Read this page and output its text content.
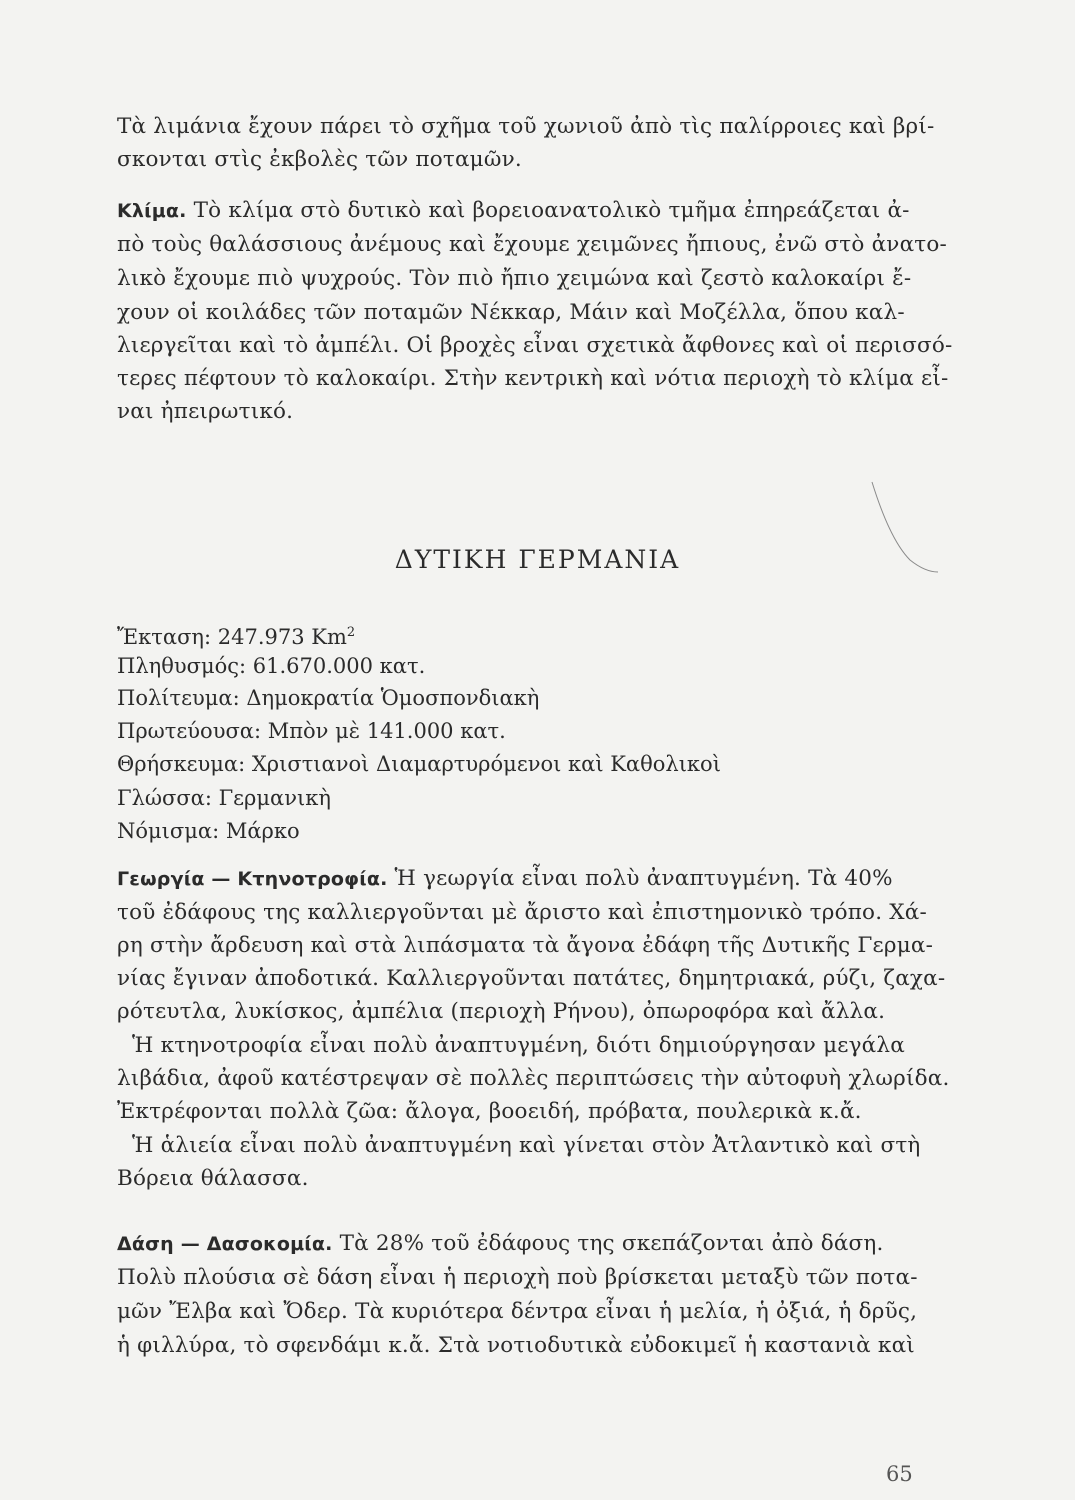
Τὰ λιμάνια ἔχουν πάρει τὸ σχῆμα τοῦ χωνιοῦ ἀπὸ τὶς παλίρροιες καὶ βρί-
σκονται στὶς ἐκβολὲς τῶν ποταμῶν.
Κλίμα. Τὸ κλίμα στὸ δυτικὸ καὶ βορειοανατολικὸ τμῆμα ἐπηρεάζεται ἀ-
πὸ τοὺς θαλάσσιους ἀνέμους καὶ ἔχουμε χειμῶνες ἤπιους, ἐνῶ στὸ ἀνατο-
λικὸ ἔχουμε πιὸ ψυχρούς. Τὸν πιὸ ἤπιο χειμώνα καὶ ζεστὸ καλοκαίρι ἔ-
χουν οἱ κοιλάδες τῶν ποταμῶν Νέκκαρ, Μάιν καὶ Μοζέλλα, ὅπου καλ-
λιεργεῖται καὶ τὸ ἀμπέλι. Οἱ βροχὲς εἶναι σχετικὰ ἄφθονες καὶ οἱ περισσό-
τερες πέφτουν τὸ καλοκαίρι. Στὴν κεντρικὴ καὶ νότια περιοχὴ τὸ κλίμα εἶ-
ναι ἠπειρωτικό.
ΔΥΤΙΚΗ ΓΕΡΜΑΝΙΑ
Ἔκταση: 247.973 Km$^2$
Πληθυσμός: 61.670.000 κατ.
Πολίτευμα: Δημοκρατία Ὁμοσπονδιακὴ
Πρωτεύουσα: Μπὸν μὲ 141.000 κατ.
Θρήσκευμα: Χριστιανοὶ Διαμαρτυρόμενοι καὶ Καθολικοὶ
Γλώσσα: Γερμανικὴ
Νόμισμα: Μάρκο
Γεωργία — Κτηνοτροφία. Ἡ γεωργία εἶναι πολὺ ἀναπτυγμένη. Τὰ 40%
τοῦ ἐδάφους της καλλιεργοῦνται μὲ ἄριστο καὶ ἐπιστημονικὸ τρόπο. Χά-
ρη στὴν ἄρδευση καὶ στὰ λιπάσματα τὰ ἄγονα ἐδάφη τῆς Δυτικῆς Γερμα-
νίας ἔγιναν ἀποδοτικά. Καλλιεργοῦνται πατάτες, δημητριακά, ρύζι, ζαχα-
ρότευτλα, λυκίσκος, ἀμπέλια (περιοχὴ Ρήνου), ὀπωροφόρα καὶ ἄλλα.
Ἡ κτηνοτροφία εἶναι πολὺ ἀναπτυγμένη, διότι δημιούργησαν μεγάλα
λιβάδια, ἀφοῦ κατέστρεψαν σὲ πολλὲς περιπτώσεις τὴν αὐτοφυὴ χλωρίδα.
Ἐκτρέφονται πολλὰ ζῶα: ἄλογα, βοοειδή, πρόβατα, πουλερικὰ κ.ἄ.
Ἡ ἁλιεία εἶναι πολὺ ἀναπτυγμένη καὶ γίνεται στὸν Ἀτλαντικὸ καὶ στὴ
Βόρεια θάλασσα.
Δάση — Δασοκομία. Τὰ 28% τοῦ ἐδάφους της σκεπάζονται ἀπὸ δάση.
Πολὺ πλούσια σὲ δάση εἶναι ἡ περιοχὴ ποὺ βρίσκεται μεταξὺ τῶν ποτα-
μῶν Ἔλβα καὶ Ὄδερ. Τὰ κυριότερα δέντρα εἶναι ἡ μελία, ἡ ὀξιά, ἡ δρῦς,
ἡ φιλλύρα, τὸ σφενδάμι κ.ἄ. Στὰ νοτιοδυτικὰ εὐδοκιμεῖ ἡ καστανιὰ καὶ
65
